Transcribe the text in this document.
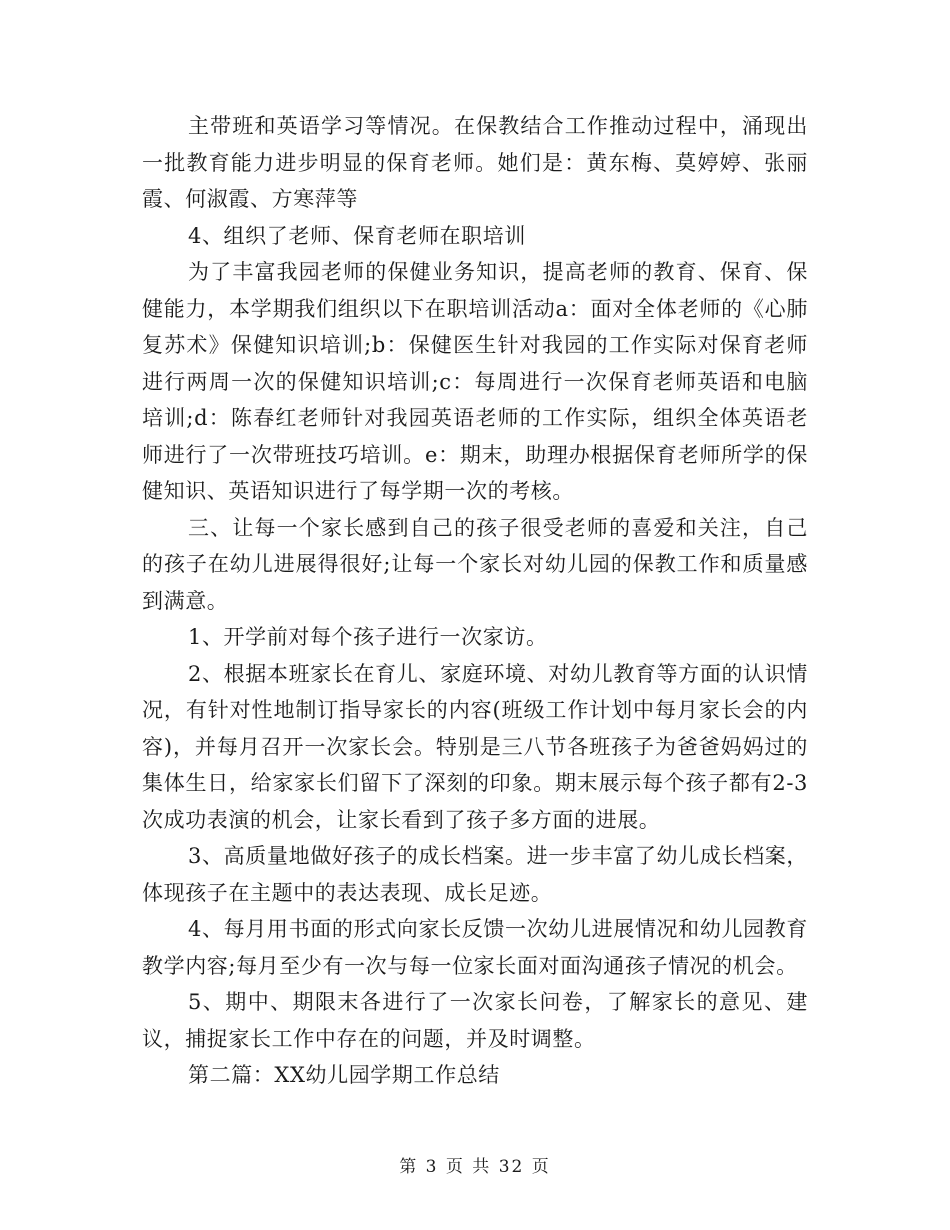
主带班和英语学习等情况。在保教结合工作推动过程中，涌现出一批教育能力进步明显的保育老师。她们是：黄东梅、莫婷婷、张丽霞、何淑霞、方寒萍等

4、组织了老师、保育老师在职培训

为了丰富我园老师的保健业务知识，提高老师的教育、保育、保健能力，本学期我们组织以下在职培训活动a：面对全体老师的《心肺复苏术》保健知识培训;b：保健医生针对我园的工作实际对保育老师进行两周一次的保健知识培训;c：每周进行一次保育老师英语和电脑培训;d：陈春红老师针对我园英语老师的工作实际，组织全体英语老师进行了一次带班技巧培训。e：期末，助理办根据保育老师所学的保健知识、英语知识进行了每学期一次的考核。

三、让每一个家长感到自己的孩子很受老师的喜爱和关注，自己的孩子在幼儿进展得很好;让每一个家长对幼儿园的保教工作和质量感到满意。

1、开学前对每个孩子进行一次家访。

2、根据本班家长在育儿、家庭环境、对幼儿教育等方面的认识情况，有针对性地制订指导家长的内容(班级工作计划中每月家长会的内容)，并每月召开一次家长会。特别是三八节各班孩子为爸爸妈妈过的集体生日，给家家长们留下了深刻的印象。期末展示每个孩子都有2-3次成功表演的机会，让家长看到了孩子多方面的进展。

3、高质量地做好孩子的成长档案。进一步丰富了幼儿成长档案，体现孩子在主题中的表达表现、成长足迹。

4、每月用书面的形式向家长反馈一次幼儿进展情况和幼儿园教育教学内容;每月至少有一次与每一位家长面对面沟通孩子情况的机会。

5、期中、期限末各进行了一次家长问卷，了解家长的意见、建议，捕捉家长工作中存在的问题，并及时调整。

第二篇：XX幼儿园学期工作总结

第 3 页 共 32 页
